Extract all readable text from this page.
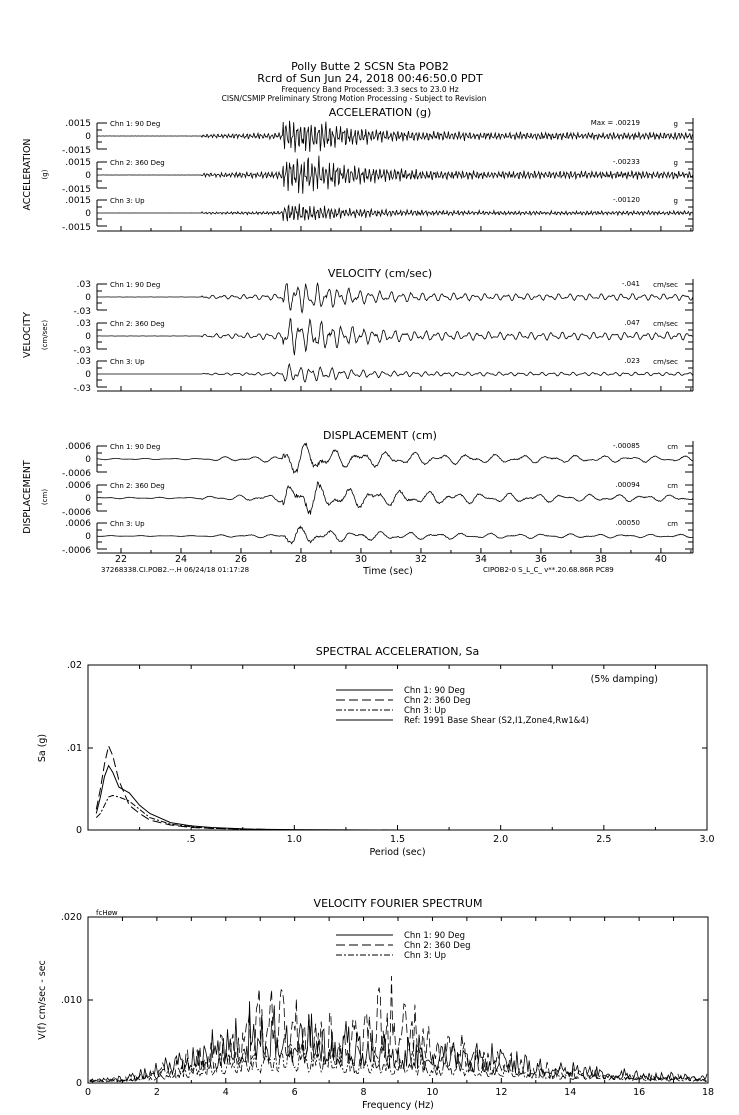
Polly Butte 2 SCSN Sta POB2
Rcrd of Sun Jun 24, 2018 00:46:50.0 PDT
Frequency Band Processed: 3.3 secs to 23.0 Hz
CISN/CSMIP Preliminary Strong Motion Processing - Subject to Revision
37268338.CI.POB2.--.H 06/24/18 01:17:28	CIPOB2-0 S_L_C_ v**.20.68.86R PC89
ACCELERATION (g)
ACCELERATION (g)
Chn 1: 90 Deg
.0015
0
-.0015
Max = .00219	g
Chn 2: 360 Deg
.0015
0
-.0015
-.00233	g
Chn 3: Up
.0015
0
-.0015
-.00120	g
VELOCITY (cm/sec)
VELOCITY (cm/sec)
Chn 1: 90 Deg
.03
0
-.03
-.041 cm/sec
Chn 2: 360 Deg
.03
0
-.03
.047 cm/sec
Chn 3: Up
.03
0
-.03
.023 cm/sec
DISPLACEMENT (cm)
DISPLACEMENT (cm)
Chn 1: 90 Deg
.0006
0
-.0006
-.00085	cm
Chn 2: 360 Deg
.0006
0
-.0006
.00094	cm
Chn 3: Up
.0006
0
-.0006
.00050	cm
22	24	26	28	30	32	34	36	38	40
Time (sec)
SPECTRAL ACCELERATION, Sa
.5	1.0	1.5	2.0	2.5	3.0
Period (sec)
.02
.01
0
Sa (g)
(5% damping)
Chn 1: 90 Deg
Chn 2: 360 Deg
Chn 3: Up
Ref: 1991 Base Shear (S2,I1,Zone4,Rw1&4)
VELOCITY FOURIER SPECTRUM
0	2	4	6	8	10	12	14	16	18
Frequency (Hz)
.020
.010
0
V(f) cm/sec - sec
fcHøw
Chn 1: 90 Deg
Chn 2: 360 Deg
Chn 3: Up
